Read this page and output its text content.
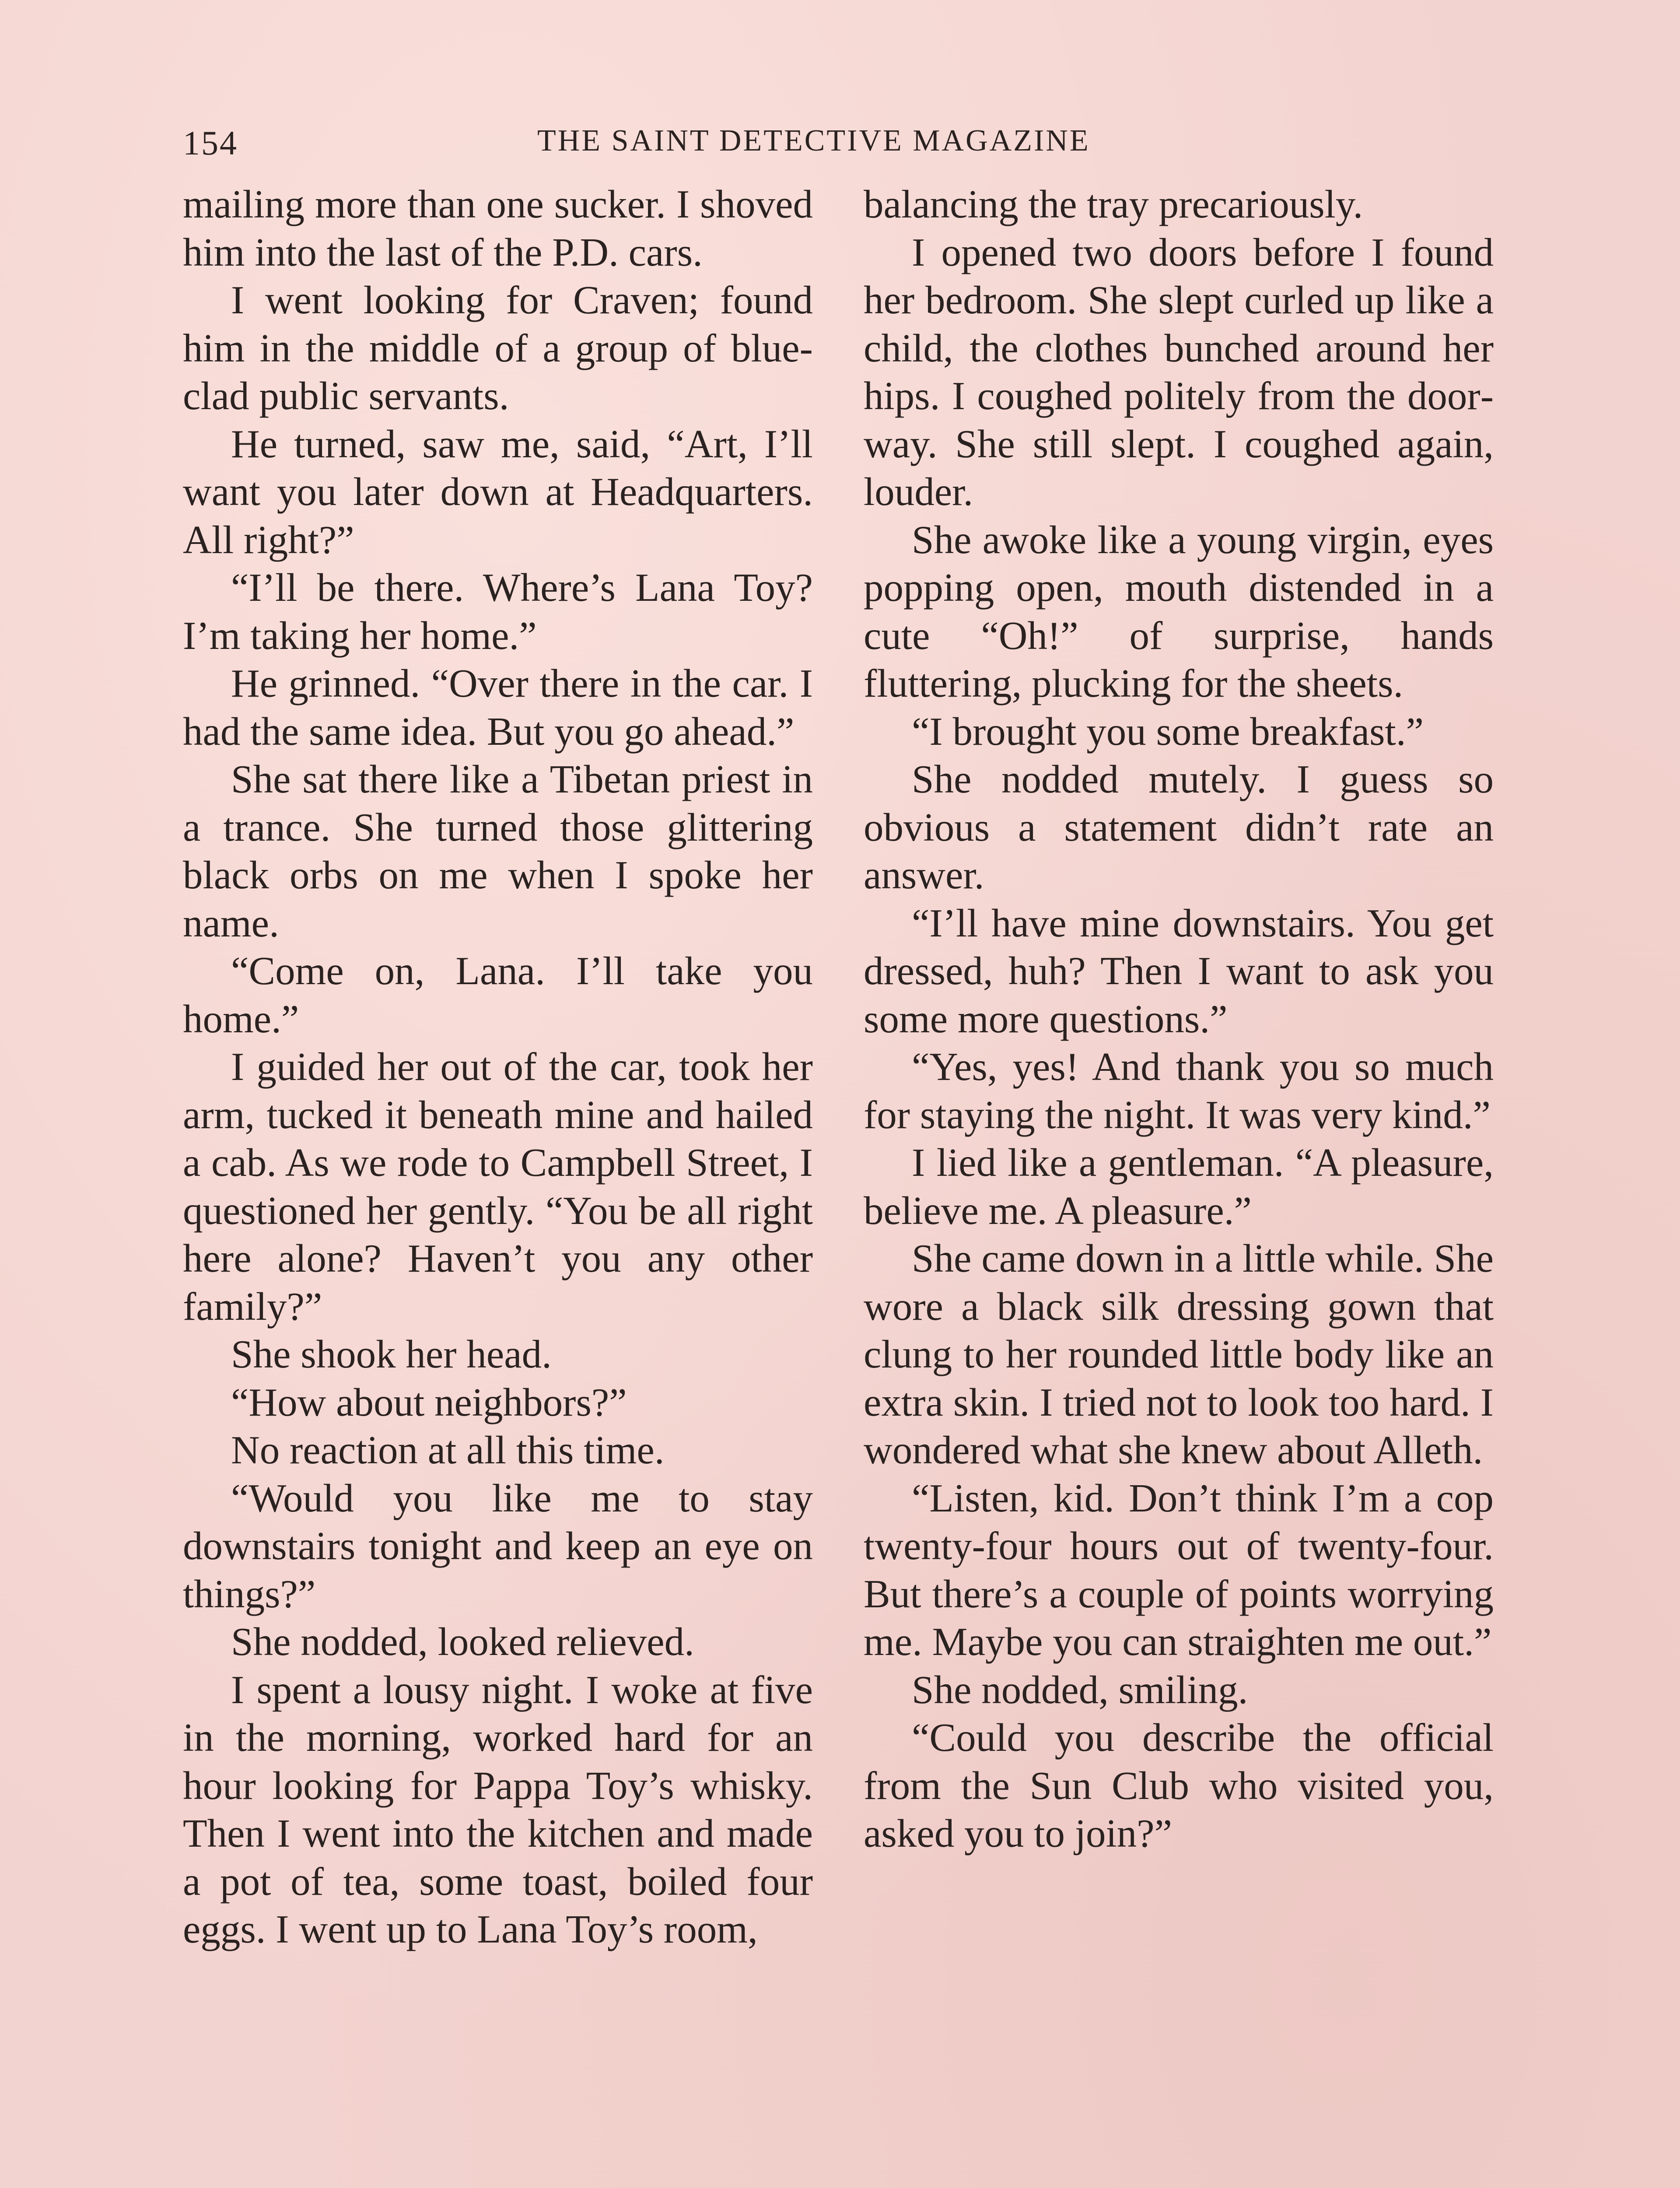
154	THE SAINT DETECTIVE MAGAZINE

mailing more than one sucker. I shoved him into the last of the P.D. cars.

I went looking for Craven; found him in the middle of a group of blue-clad public servants.

He turned, saw me, said, “Art, I’ll want you later down at Headquarters. All right?”

“I’ll be there. Where’s Lana Toy? I’m taking her home.”

He grinned. “Over there in the car. I had the same idea. But you go ahead.”

She sat there like a Tibetan priest in a trance. She turned those glittering black orbs on me when I spoke her name.

“Come on, Lana. I’ll take you home.”

I guided her out of the car, took her arm, tucked it beneath mine and hailed a cab. As we rode to Campbell Street, I questioned her gently. “You be all right here alone? Haven’t you any other family?”

She shook her head.

“How about neighbors?”

No reaction at all this time.

“Would you like me to stay downstairs tonight and keep an eye on things?”

She nodded, looked relieved.

I spent a lousy night. I woke at five in the morning, worked hard for an hour looking for Pappa Toy’s whisky. Then I went into the kitchen and made a pot of tea, some toast, boiled four eggs. I went up to Lana Toy’s room,

balancing the tray precariously.

I opened two doors before I found her bedroom. She slept curled up like a child, the clothes bunched around her hips. I coughed politely from the doorway. She still slept. I coughed again, louder.

She awoke like a young virgin, eyes popping open, mouth distended in a cute “Oh!” of surprise, hands fluttering, plucking for the sheets.

“I brought you some breakfast.”

She nodded mutely. I guess so obvious a statement didn’t rate an answer.

“I’ll have mine downstairs. You get dressed, huh? Then I want to ask you some more questions.”

“Yes, yes! And thank you so much for staying the night. It was very kind.”

I lied like a gentleman. “A pleasure, believe me. A pleasure.”

She came down in a little while. She wore a black silk dressing gown that clung to her rounded little body like an extra skin. I tried not to look too hard. I wondered what she knew about Alleth.

“Listen, kid. Don’t think I’m a cop twenty-four hours out of twenty-four. But there’s a couple of points worrying me. Maybe you can straighten me out.”

She nodded, smiling.

“Could you describe the official from the Sun Club who visited you, asked you to join?”
